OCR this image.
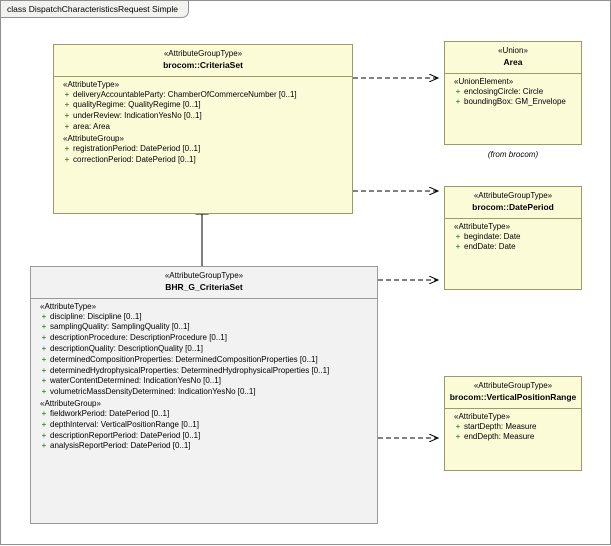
class DispatchCharacteristicsRequest Simple
«AttributeGroupType»
brocom::CriteriaSet
«AttributeType»
+ deliveryAccountableParty: ChamberOfCommerceNumber [0..1]
+ qualityRegime: QualityRegime [0..1]
+ underReview: IndicationYesNo [0..1]
+ area: Area
«AttributeGroup»
+ registrationPeriod: DatePeriod [0..1]
+ correctionPeriod: DatePeriod [0..1]
«AttributeGroupType»
BHR_G_CriteriaSet
«AttributeType»
+ discipline: Discipline [0..1]
+ samplingQuality: SamplingQuality [0..1]
+ descriptionProcedure: DescriptionProcedure [0..1]
+ descriptionQuality: DescriptionQuality [0..1]
+ determinedCompositionProperties: DeterminedCompositionProperties [0..1]
+ determinedHydrophysicalProperties: DeterminedHydrophysicalProperties [0..1]
+ waterContentDetermined: IndicationYesNo [0..1]
+ volumetricMassDensityDetermined: IndicationYesNo [0..1]
«AttributeGroup»
+ fieldworkPeriod: DatePeriod [0..1]
+ depthInterval: VerticalPositionRange [0..1]
+ descriptionReportPeriod: DatePeriod [0..1]
+ analysisReportPeriod: DatePeriod [0..1]
«Union»
Area
«UnionElement»
+ enclosingCircle: Circle
+ boundingBox: GM_Envelope
(from brocom)
«AttributeGroupType»
brocom::DatePeriod
«AttributeType»
+ begindate: Date
+ endDate: Date
«AttributeGroupType»
brocom::VerticalPositionRange
«AttributeType»
+ startDepth: Measure
+ endDepth: Measure
